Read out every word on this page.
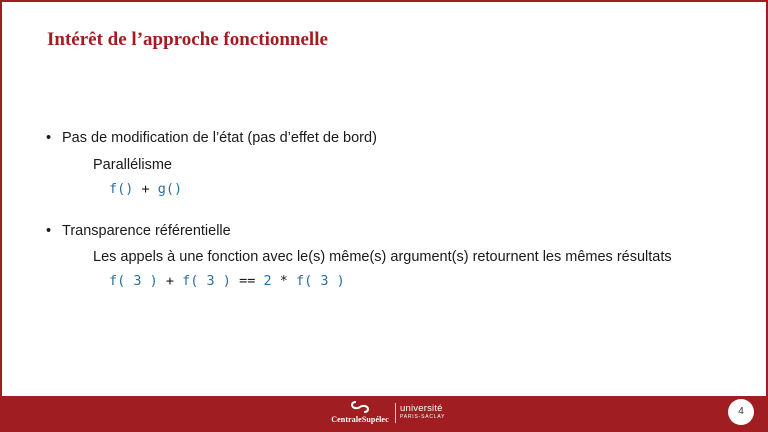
Intérêt de l’approche fonctionnelle
• Pas de modification de l’état (pas d’effet de bord)
Parallélisme
f() + g()
• Transparence référentielle
Les appels à une fonction avec le(s) même(s) argument(s) retournent les mêmes résultats
f( 3 ) + f( 3 ) == 2 * f( 3 )
CentraleSupélec
université
PARIS-SACLAY	4
